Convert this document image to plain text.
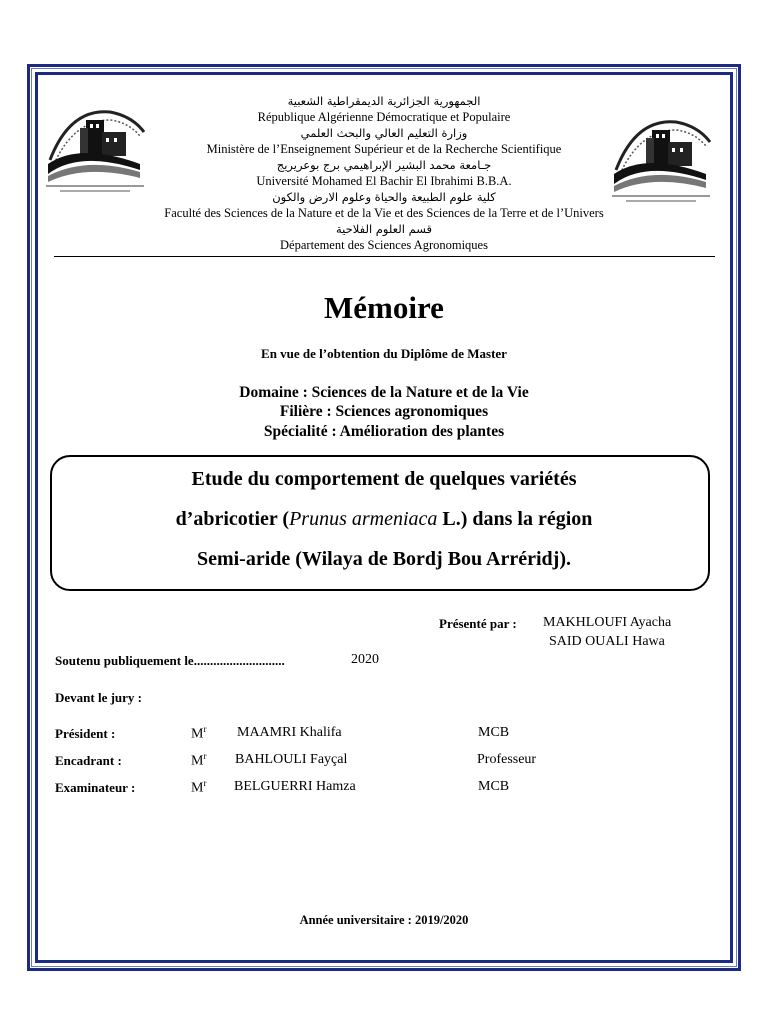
الجمهورية الجزائرية الديمقراطية الشعبية
République Algérienne Démocratique et Populaire
وزارة التعليم العالي والبحث العلمي
Ministère de l’Enseignement Supérieur et de la Recherche Scientifique
جـامعة محمد البشير الإبراهيمي برج بوعريريج
Université Mohamed El Bachir El Ibrahimi B.B.A.
كلية علوم الطبيعة والحياة وعلوم الارض والكون
Faculté des Sciences de la Nature et de la Vie et des Sciences de la Terre et de l’Univers
قسم العلوم الفلاحية
Département des Sciences Agronomiques
Mémoire
En vue de l’obtention du Diplôme de Master
Domaine : Sciences de la Nature et de la Vie
Filière : Sciences agronomiques
Spécialité : Amélioration des plantes
Etude du comportement de quelques variétés
d’abricotier (Prunus armeniaca L.) dans la région
Semi-aride (Wilaya de Bordj Bou Arréridj).
Présenté par : MAKHLOUFI Ayacha
SAID OUALI Hawa
Soutenu publiquement le............................	2020
Devant le jury :
Président :	$M^r$ MAAMRI Khalifa	MCB
Encadrant :	$M^r$ BAHLOULI Fayçal	Professeur
Examinateur :	$M^r$ BELGUERRI Hamza	MCB
Année universitaire : 2019/2020
